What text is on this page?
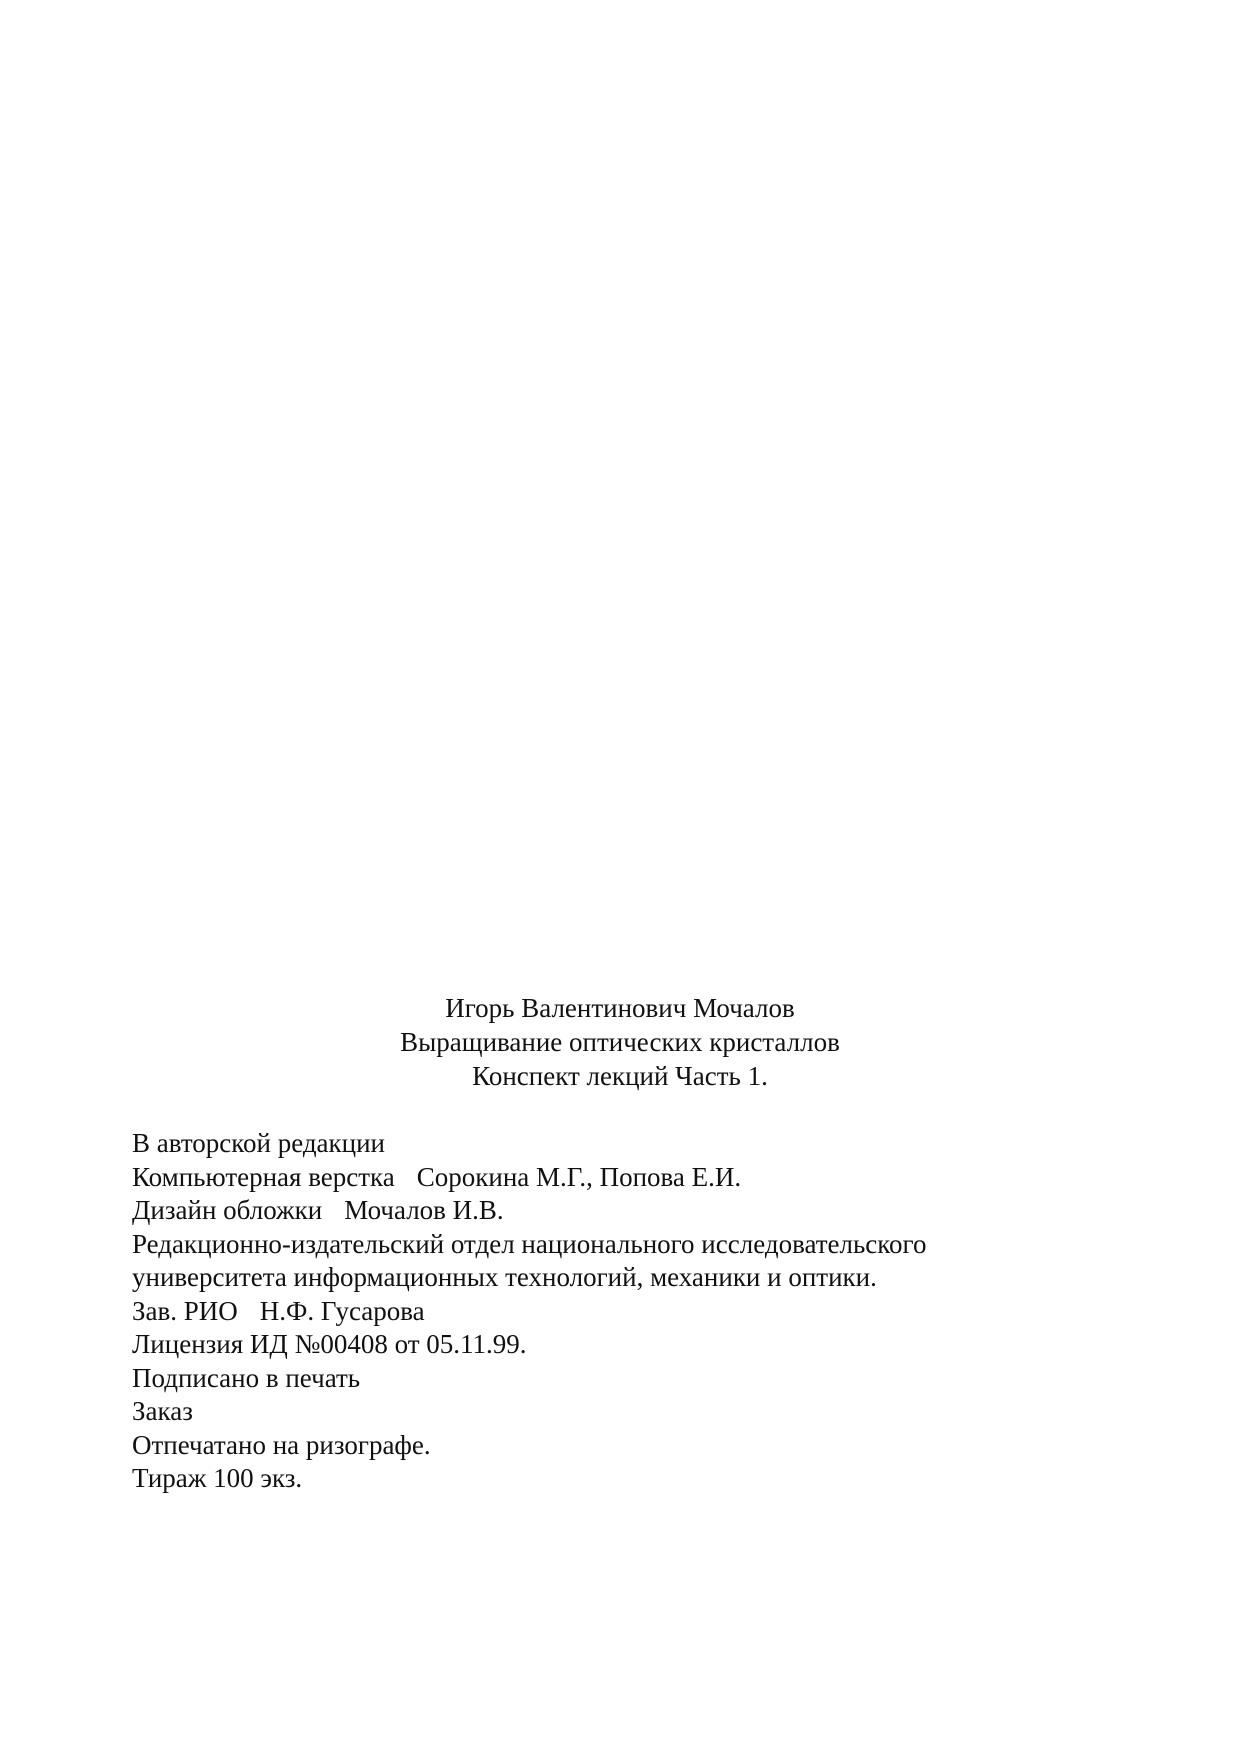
Игорь Валентинович Мочалов
Выращивание оптических кристаллов
Конспект лекций Часть 1.
В авторской редакции
Компьютерная верстка Сорокина М.Г., Попова Е.И.
Дизайн обложки Мочалов И.В.
Редакционно-издательский отдел национального исследовательского
университета информационных технологий, механики и оптики.
Зав. РИО Н.Ф. Гусарова
Лицензия ИД №00408 от 05.11.99.
Подписано в печать
Заказ
Отпечатано на ризографе.
Тираж 100 экз.
